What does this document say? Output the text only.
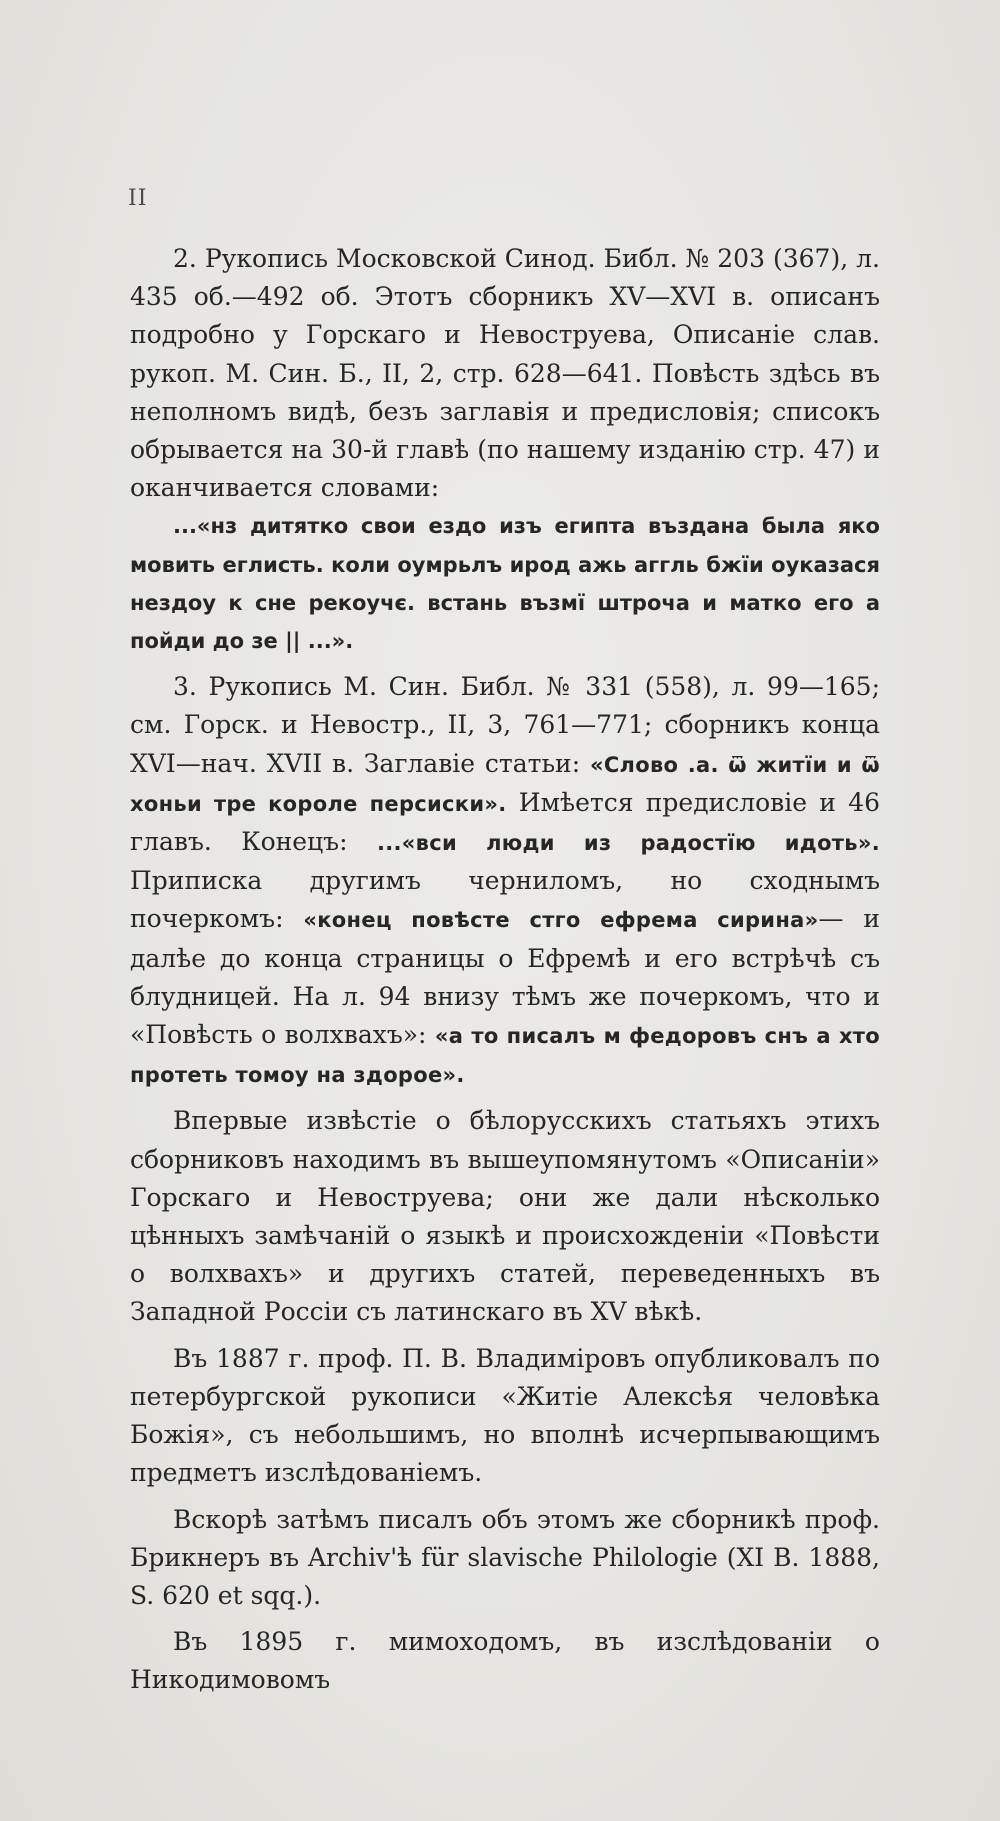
II

2. Рукопись Московской Синод. Библ. № 203 (367), л. 435 об.—492 об. Этотъ сборникъ XV—XVI в. описанъ подробно у Горскаго и Невоструева, Описаніе слав. рукоп. М. Син. Б., II, 2, стр. 628—641. Повѣсть здѣсь въ неполномъ видѣ, безъ заглавія и предисловія; списокъ обрывается на 30-й главѣ (по нашему изданію стр. 47) и оканчивается словами:

...«нз дитятко свои ездо изъ египта въздана была яко мовить еглисть. коли оумрьлъ ирод ажь аггль бжїи оуказася нездоу к сне рекоучє. встань възмї штроча и матко его а пойди до зе || ...».

3. Рукопись М. Син. Библ. № 331 (558), л. 99—165; см. Горск. и Невостр., II, 3, 761—771; сборникъ конца XVI—нач. XVII в. Заглавіе статьи: «Слово .а. ѿ житїи и ѿ хоньи тре короле персиски». Имѣется предисловіе и 46 главъ. Конецъ: ...«вси люди из радостїю идоть». Приписка другимъ черниломъ, но сходнымъ почеркомъ: «конец повѣсте стго ефрема сирина»— и далѣе до конца страницы о Ефремѣ и его встрѣчѣ съ блудницей. На л. 94 внизу тѣмъ же почеркомъ, что и «Повѣсть о волхвахъ»: «а то писалъ м федоровъ снъ а хто протеть томоу на здорое».

Впервые извѣстіе о бѣлорусскихъ статьяхъ этихъ сборниковъ находимъ въ вышеупомянутомъ «Описаніи» Горскаго и Невоструева; они же дали нѣсколько цѣнныхъ замѣчаній о языкѣ и происхожденіи «Повѣсти о волхвахъ» и другихъ статей, переведенныхъ въ Западной Россіи съ латинскаго въ XV вѣкѣ.

Въ 1887 г. проф. П. В. Владиміровъ опубликовалъ по петербургской рукописи «Житіе Алексѣя человѣка Божія», съ небольшимъ, но вполнѣ исчерпывающимъ предметъ изслѣдованіемъ.

Вскорѣ затѣмъ писалъ объ этомъ же сборникѣ проф. Брикнеръ въ Archiv'ѣ für slavische Philologie (XI B. 1888, S. 620 et sqq.).

Въ 1895 г. мимоходомъ, въ изслѣдованіи о Никодимовомъ
